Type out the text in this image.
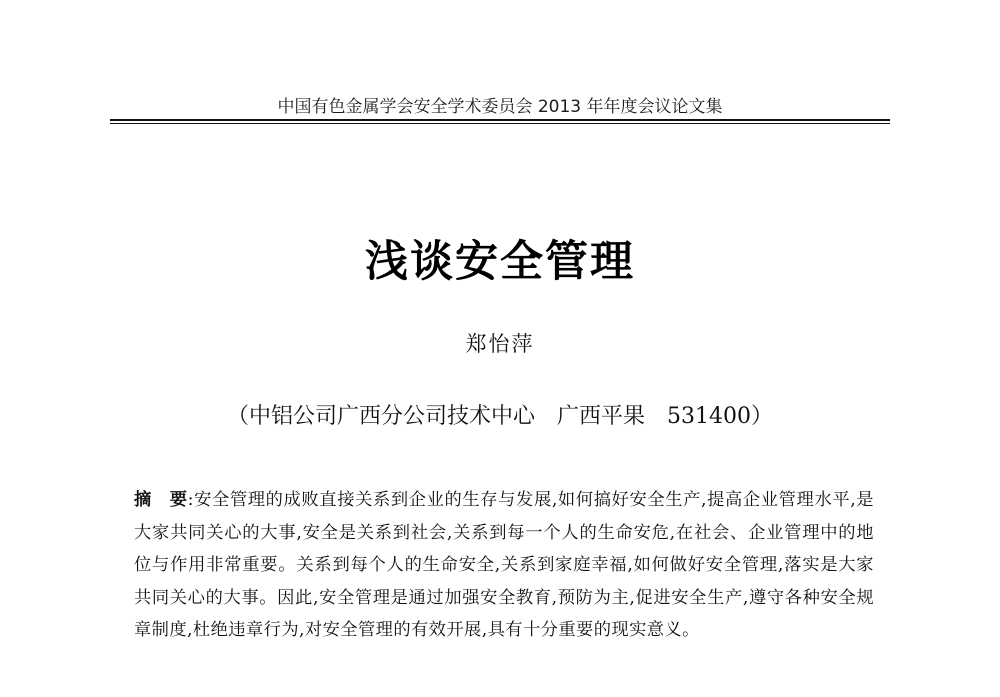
中国有色金属学会安全学术委员会 2013 年年度会议论文集
浅谈安全管理
郑怡萍
（中铝公司广西分公司技术中心　广西平果　531400）
摘　要:安全管理的成败直接关系到企业的生存与发展,如何搞好安全生产,提高企业管理水平,是大家共同关心的大事,安全是关系到社会,关系到每一个人的生命安危,在社会、企业管理中的地位与作用非常重要。关系到每个人的生命安全,关系到家庭幸福,如何做好安全管理,落实是大家共同关心的大事。因此,安全管理是通过加强安全教育,预防为主,促进安全生产,遵守各种安全规章制度,杜绝违章行为,对安全管理的有效开展,具有十分重要的现实意义。
